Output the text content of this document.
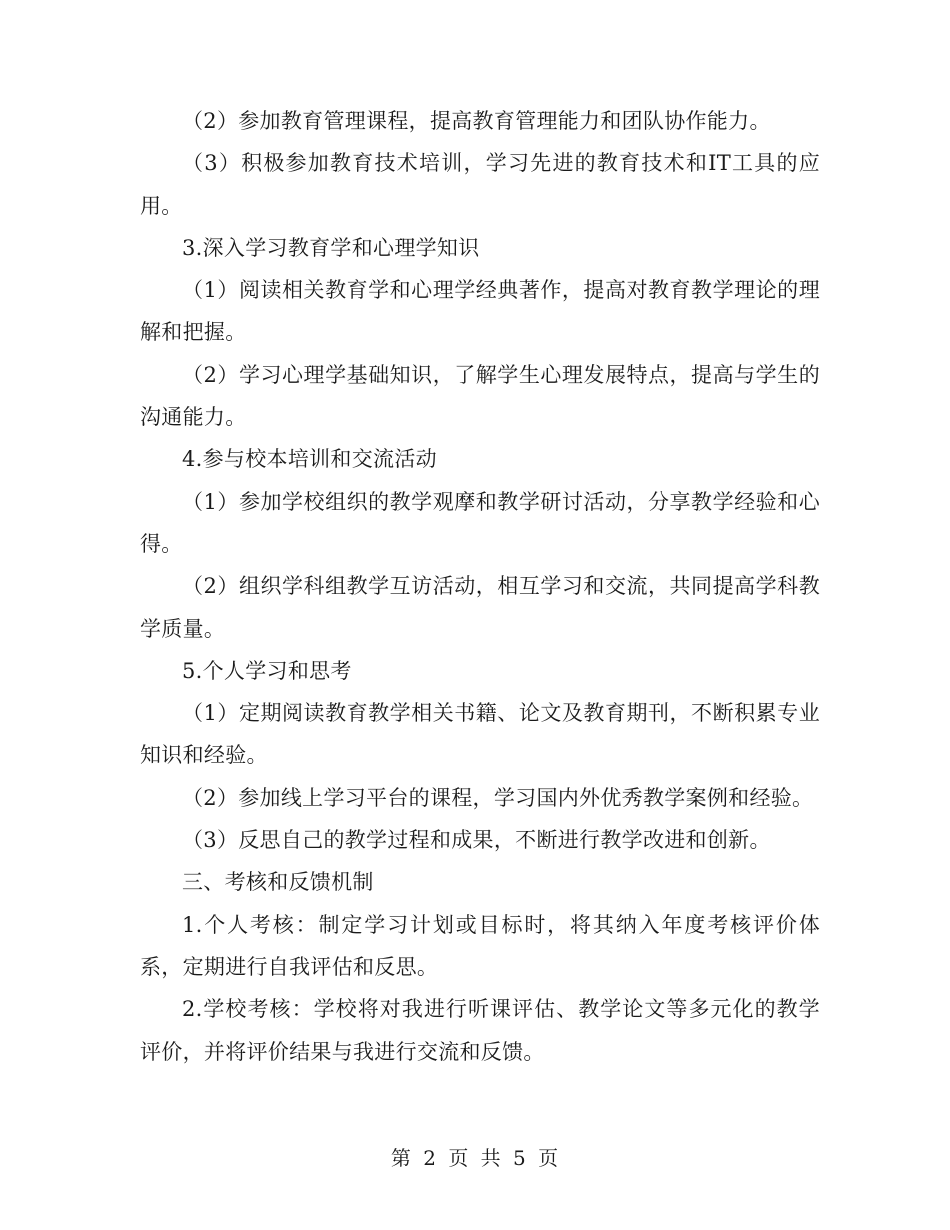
（2）参加教育管理课程，提高教育管理能力和团队协作能力。

（3）积极参加教育技术培训，学习先进的教育技术和IT工具的应用。

3.深入学习教育学和心理学知识

（1）阅读相关教育学和心理学经典著作，提高对教育教学理论的理解和把握。

（2）学习心理学基础知识，了解学生心理发展特点，提高与学生的沟通能力。

4.参与校本培训和交流活动

（1）参加学校组织的教学观摩和教学研讨活动，分享教学经验和心得。

（2）组织学科组教学互访活动，相互学习和交流，共同提高学科教学质量。

5.个人学习和思考

（1）定期阅读教育教学相关书籍、论文及教育期刊，不断积累专业知识和经验。

（2）参加线上学习平台的课程，学习国内外优秀教学案例和经验。

（3）反思自己的教学过程和成果，不断进行教学改进和创新。

三、考核和反馈机制

1.个人考核：制定学习计划或目标时，将其纳入年度考核评价体系，定期进行自我评估和反思。

2.学校考核：学校将对我进行听课评估、教学论文等多元化的教学评价，并将评价结果与我进行交流和反馈。

第 2 页 共 5 页
